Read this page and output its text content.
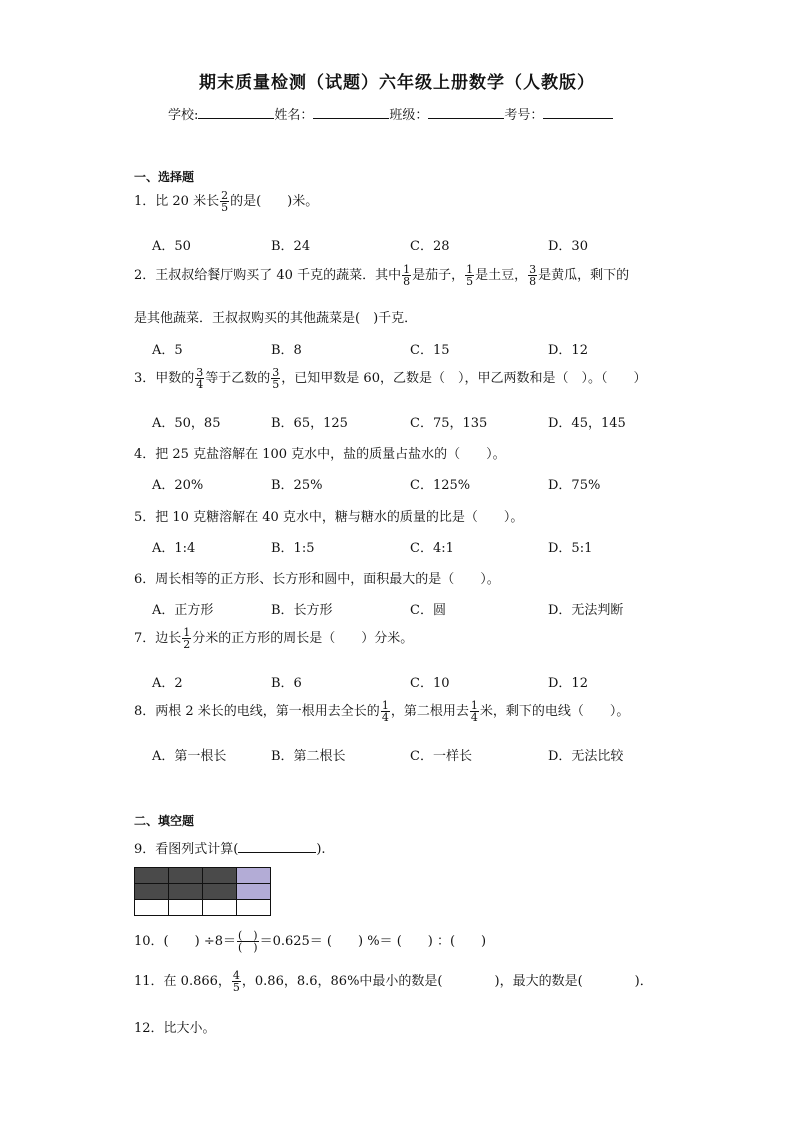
期末质量检测（试题）六年级上册数学（人教版）
学校:	姓名：	班级：	考号：
一、选择题
1．比 20 米长 $\frac{2}{5}$ 的是(　　)米。
A．50	B．24	C．28	D．30
2．王叔叔给餐厅购买了 40 千克的蔬菜．其中 $\frac{1}{8}$ 是茄子， $\frac{1}{5}$ 是土豆， $\frac{3}{8}$ 是黄瓜，剩下的
是其他蔬菜．王叔叔购买的其他蔬菜是(　)千克．
A．5	B．8	C．15	D．12
3．甲数的 $\frac{3}{4}$ 等于乙数的 $\frac{3}{5}$ ，已知甲数是 60，乙数是（　），甲乙两数和是（　）。（　　）
A．50，85	B．65，125	C．75，135	D．45，145
4．把 25 克盐溶解在 100 克水中，盐的质量占盐水的（　　）。
A．20%	B．25%	C．125%	D．75%
5．把 10 克糖溶解在 40 克水中，糖与糖水的质量的比是（　　）。
A．1:4	B．1:5	C．4:1	D．5:1
6．周长相等的正方形、长方形和圆中，面积最大的是（　　）。
A．正方形	B．长方形	C．圆	D．无法判断
7．边长 $\frac{1}{2}$ 分米的正方形的周长是（　　）分米。
A．2	B．6	C．10	D．12
8．两根 2 米长的电线，第一根用去全长的 $\frac{1}{4}$ ，第二根用去 $\frac{1}{4}$ 米，剩下的电线（　　）。
A．第一根长	B．第二根长	C．一样长	D．无法比较
二、填空题
9．看图列式计算(	).

10．(　　) $\div 8= \frac{( )}{( )} =0.625=$ (　　) %＝ (　　) ：(　　)
11．在 0.866， $\frac{4}{5}$ ，0.86，8.6，86%中最小的数是(　　　　)，最大的数是(　　　　)．
12．比大小。
